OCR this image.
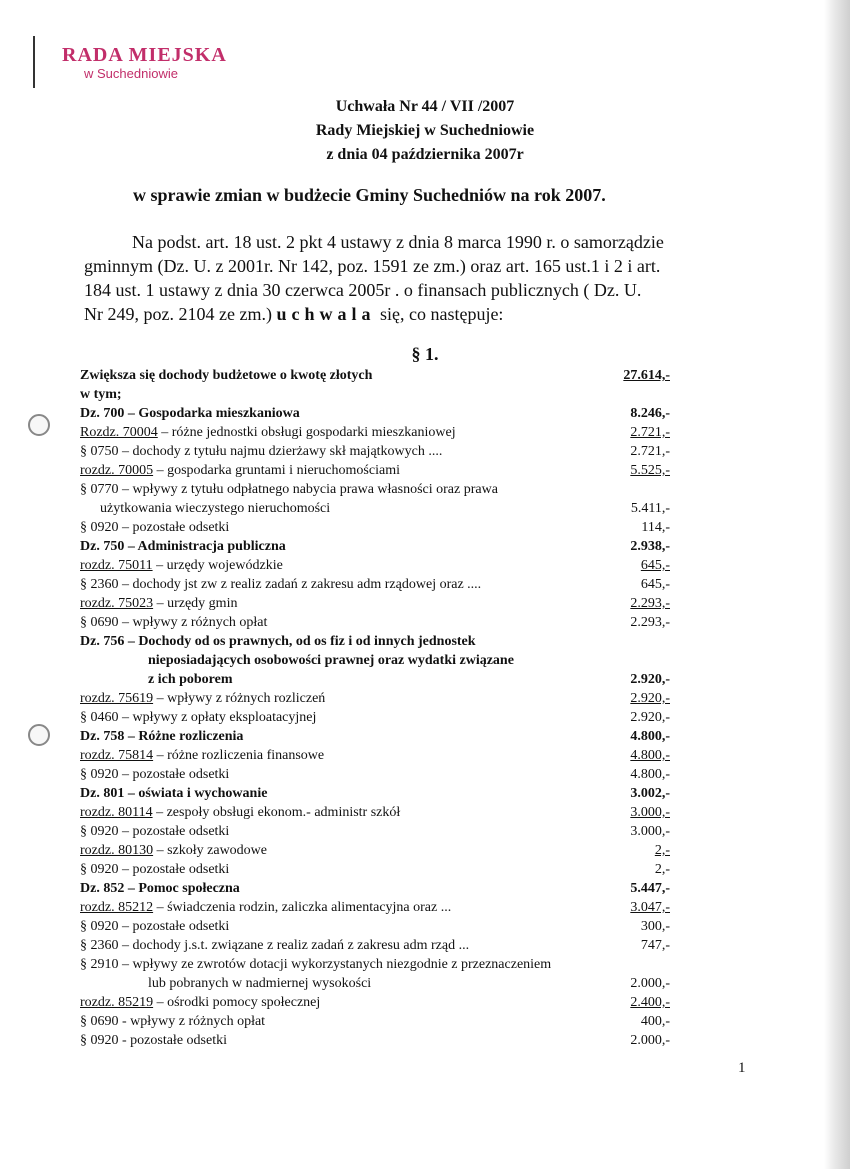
RADA MIEJSKA
w Suchedniowie
Uchwała Nr 44 / VII /2007
Rady Miejskiej w Suchedniowie
z dnia 04 października 2007r
w sprawie zmian w budżecie Gminy Suchedniów na rok 2007.
Na podst. art. 18 ust. 2 pkt 4 ustawy z dnia 8 marca 1990 r. o samorządzie
gminnym (Dz. U. z 2001r. Nr 142, poz. 1591 ze zm.) oraz art. 165 ust.1 i 2 i art.
184 ust. 1 ustawy z dnia 30 czerwca 2005r . o finansach publicznych ( Dz. U.
Nr 249, poz. 2104 ze zm.) uchwala się, co następuje:
§ 1.
Zwiększa się dochody budżetowe o kwotę złotych	27.614,-
w tym;
Dz. 700 – Gospodarka mieszkaniowa	8.246,-
Rozdz. 70004 – różne jednostki obsługi gospodarki mieszkaniowej	2.721,-
§ 0750 – dochody z tytułu najmu dzierżawy skł majątkowych ....	2.721,-
rozdz. 70005 – gospodarka gruntami i nieruchomościami	5.525,-
§ 0770 – wpływy z tytułu odpłatnego nabycia prawa własności oraz prawa
użytkowania wieczystego nieruchomości	5.411,-
§ 0920 – pozostałe odsetki	114,-
Dz. 750 – Administracja publiczna	2.938,-
rozdz. 75011 – urzędy wojewódzkie	645,-
§ 2360 – dochody jst zw z realiz zadań z zakresu adm rządowej oraz ....	645,-
rozdz. 75023 – urzędy gmin	2.293,-
§ 0690 – wpływy z różnych opłat	2.293,-
Dz. 756 – Dochody od os prawnych, od os fiz i od innych jednostek
nieposiadających osobowości prawnej oraz wydatki związane
z ich poborem	2.920,-
rozdz. 75619 – wpływy z różnych rozliczeń	2.920,-
§ 0460 – wpływy z opłaty eksploatacyjnej	2.920,-
Dz. 758 – Różne rozliczenia	4.800,-
rozdz. 75814 – różne rozliczenia finansowe	4.800,-
§ 0920 – pozostałe odsetki	4.800,-
Dz. 801 – oświata i wychowanie	3.002,-
rozdz. 80114 – zespoły obsługi ekonom.- administr szkół	3.000,-
§ 0920 – pozostałe odsetki	3.000,-
rozdz. 80130 – szkoły zawodowe	2,-
§ 0920 – pozostałe odsetki	2,-
Dz. 852 – Pomoc społeczna	5.447,-
rozdz. 85212 – świadczenia rodzin, zaliczka alimentacyjna oraz ...	3.047,-
§ 0920 – pozostałe odsetki	300,-
§ 2360 – dochody j.s.t. związane z realiz zadań z zakresu adm rząd ...	747,-
§ 2910 – wpływy ze zwrotów dotacji wykorzystanych niezgodnie z przeznaczeniem
lub pobranych w nadmiernej wysokości	2.000,-
rozdz. 85219 – ośrodki pomocy społecznej	2.400,-
§ 0690 - wpływy z różnych opłat	400,-
§ 0920 - pozostałe odsetki	2.000,-
1
